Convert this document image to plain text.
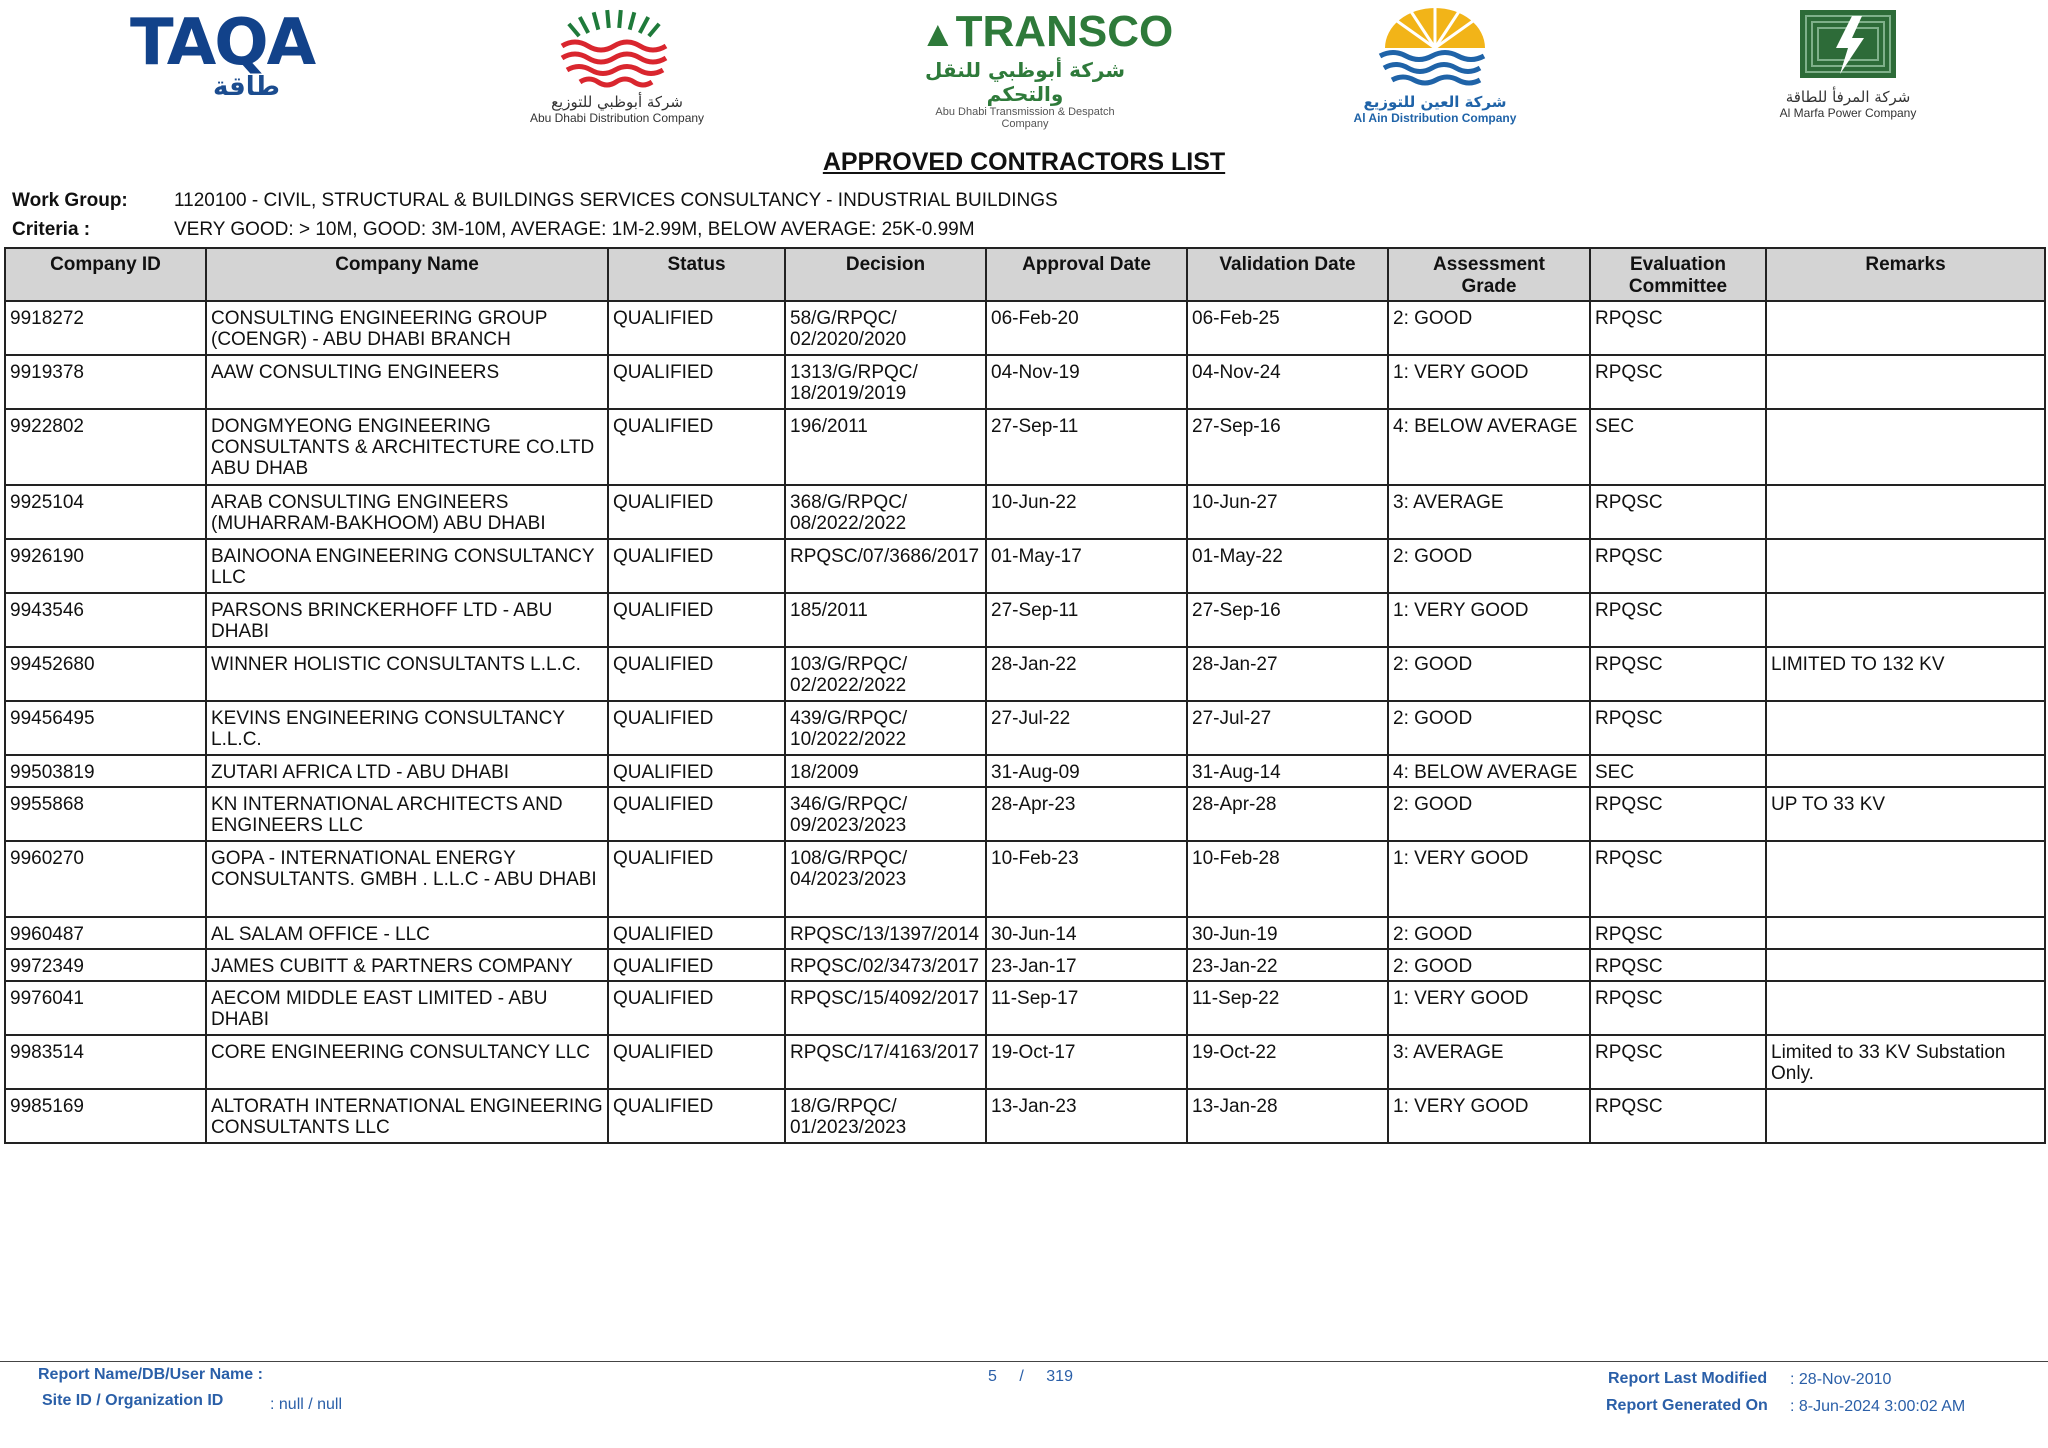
TAQA
طاقة	شركة أبوظبي للتوزيع
Abu Dhabi Distribution Company
▲TRANSCO
شركة أبوظبي للنقل والتحكم
Abu Dhabi Transmission & Despatch Company
شركة العين للتوزيع
Al Ain Distribution Company
شركة المرفأ للطاقة
Al Marfa Power Company
APPROVED CONTRACTORS LIST
Work Group: 1120100 - CIVIL, STRUCTURAL & BUILDINGS SERVICES CONSULTANCY - INDUSTRIAL BUILDINGS
Criteria :	VERY GOOD: > 10M, GOOD: 3M-10M, AVERAGE: 1M-2.99M, BELOW AVERAGE: 25K-0.99M
Company ID	Company Name	Status	Decision	Approval Date	Validation Date	Assessment Grade	Evaluation Committee	Remarks
9918272	CONSULTING ENGINEERING GROUP (COENGR) - ABU DHABI BRANCH	QUALIFIED	58/G/RPQC/ 02/2020/2020	06-Feb-20	06-Feb-25	2: GOOD	RPQSC	
9919378	AAW CONSULTING ENGINEERS	QUALIFIED	1313/G/RPQC/ 18/2019/2019	04-Nov-19	04-Nov-24	1: VERY GOOD	RPQSC	
9922802	DONGMYEONG ENGINEERING CONSULTANTS & ARCHITECTURE CO.LTD ABU DHAB	QUALIFIED	196/2011	27-Sep-11	27-Sep-16	4: BELOW AVERAGE	SEC	
9925104	ARAB CONSULTING ENGINEERS (MUHARRAM-BAKHOOM) ABU DHABI	QUALIFIED	368/G/RPQC/ 08/2022/2022	10-Jun-22	10-Jun-27	3: AVERAGE	RPQSC	
9926190	BAINOONA ENGINEERING CONSULTANCY LLC	QUALIFIED	RPQSC/07/3686/2017	01-May-17	01-May-22	2: GOOD	RPQSC	
9943546	PARSONS BRINCKERHOFF LTD - ABU DHABI	QUALIFIED	185/2011	27-Sep-11	27-Sep-16	1: VERY GOOD	RPQSC	
99452680	WINNER HOLISTIC CONSULTANTS L.L.C.	QUALIFIED	103/G/RPQC/ 02/2022/2022	28-Jan-22	28-Jan-27	2: GOOD	RPQSC	LIMITED TO 132 KV
99456495	KEVINS ENGINEERING CONSULTANCY L.L.C.	QUALIFIED	439/G/RPQC/ 10/2022/2022	27-Jul-22	27-Jul-27	2: GOOD	RPQSC	
99503819	ZUTARI AFRICA LTD - ABU DHABI	QUALIFIED	18/2009	31-Aug-09	31-Aug-14	4: BELOW AVERAGE	SEC	
9955868	KN INTERNATIONAL ARCHITECTS AND ENGINEERS LLC	QUALIFIED	346/G/RPQC/ 09/2023/2023	28-Apr-23	28-Apr-28	2: GOOD	RPQSC	UP TO 33 KV
9960270	GOPA - INTERNATIONAL ENERGY CONSULTANTS. GMBH . L.L.C - ABU DHABI	QUALIFIED	108/G/RPQC/ 04/2023/2023	10-Feb-23	10-Feb-28	1: VERY GOOD	RPQSC	
9960487	AL SALAM OFFICE - LLC	QUALIFIED	RPQSC/13/1397/2014	30-Jun-14	30-Jun-19	2: GOOD	RPQSC	
9972349	JAMES CUBITT & PARTNERS COMPANY	QUALIFIED	RPQSC/02/3473/2017	23-Jan-17	23-Jan-22	2: GOOD	RPQSC	
9976041	AECOM MIDDLE EAST LIMITED - ABU DHABI	QUALIFIED	RPQSC/15/4092/2017	11-Sep-17	11-Sep-22	1: VERY GOOD	RPQSC	
9983514	CORE ENGINEERING CONSULTANCY LLC	QUALIFIED	RPQSC/17/4163/2017	19-Oct-17	19-Oct-22	3: AVERAGE	RPQSC	Limited to 33 KV Substation Only.
9985169	ALTORATH INTERNATIONAL ENGINEERING CONSULTANTS LLC	QUALIFIED	18/G/RPQC/ 01/2023/2023	13-Jan-23	13-Jan-28	1: VERY GOOD	RPQSC	
Report Name/DB/User Name :
Site ID / Organization ID	: null / null
5 / 319	Report Last Modified : 28-Nov-2010
Report Generated On : 8-Jun-2024 3:00:02 AM
